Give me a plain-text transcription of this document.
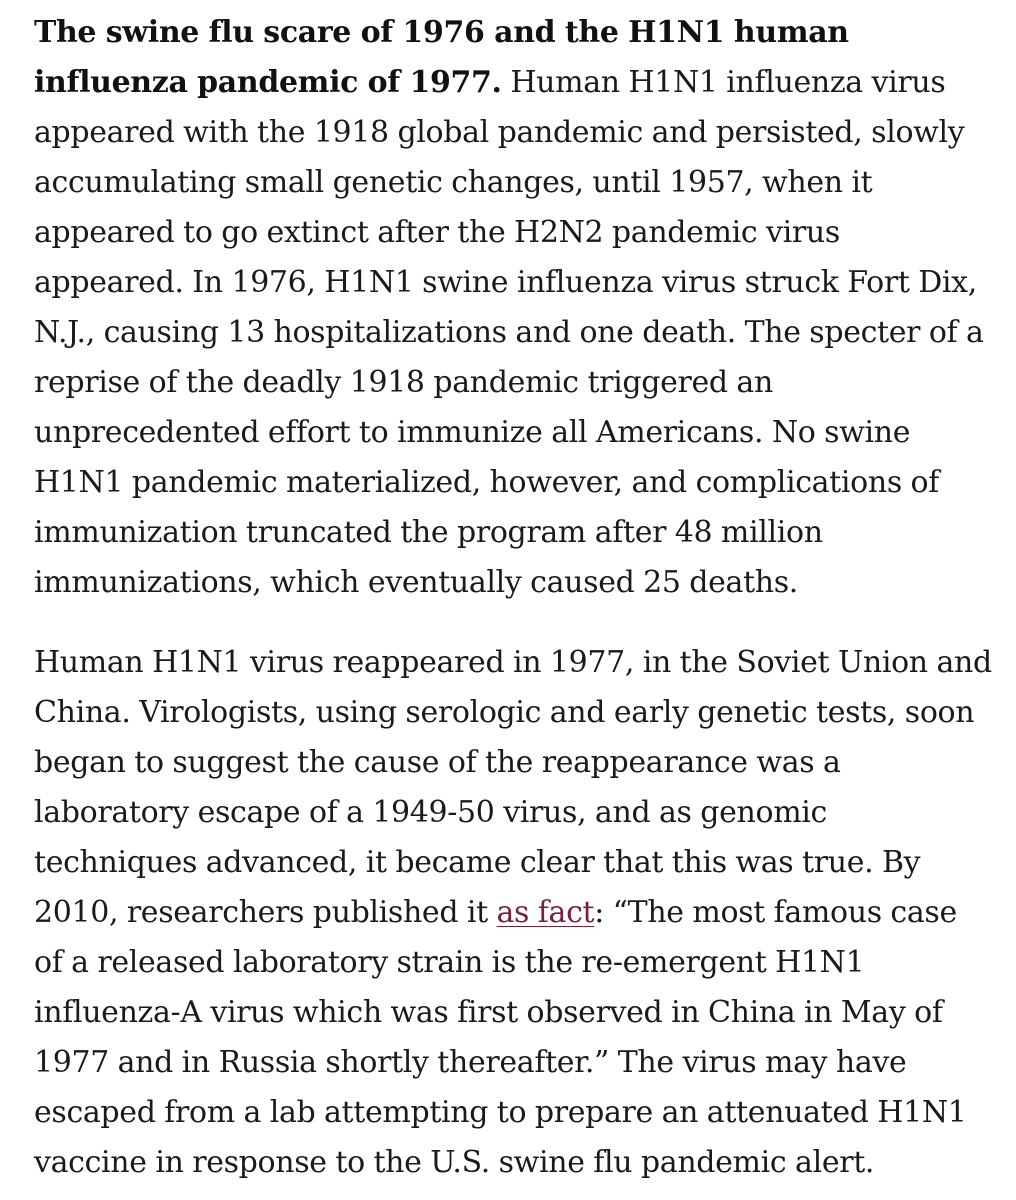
The swine flu scare of 1976 and the H1N1 human influenza pandemic of 1977. Human H1N1 influenza virus appeared with the 1918 global pandemic and persisted, slowly accumulating small genetic changes, until 1957, when it appeared to go extinct after the H2N2 pandemic virus appeared. In 1976, H1N1 swine influenza virus struck Fort Dix, N.J., causing 13 hospitalizations and one death. The specter of a reprise of the deadly 1918 pandemic triggered an unprecedented effort to immunize all Americans. No swine H1N1 pandemic materialized, however, and complications of immunization truncated the program after 48 million immunizations, which eventually caused 25 deaths.

Human H1N1 virus reappeared in 1977, in the Soviet Union and China. Virologists, using serologic and early genetic tests, soon began to suggest the cause of the reappearance was a laboratory escape of a 1949-50 virus, and as genomic techniques advanced, it became clear that this was true. By 2010, researchers published it as fact: “The most famous case of a released laboratory strain is the re-emergent H1N1 influenza-A virus which was first observed in China in May of 1977 and in Russia shortly thereafter.” The virus may have escaped from a lab attempting to prepare an attenuated H1N1 vaccine in response to the U.S. swine flu pandemic alert.
